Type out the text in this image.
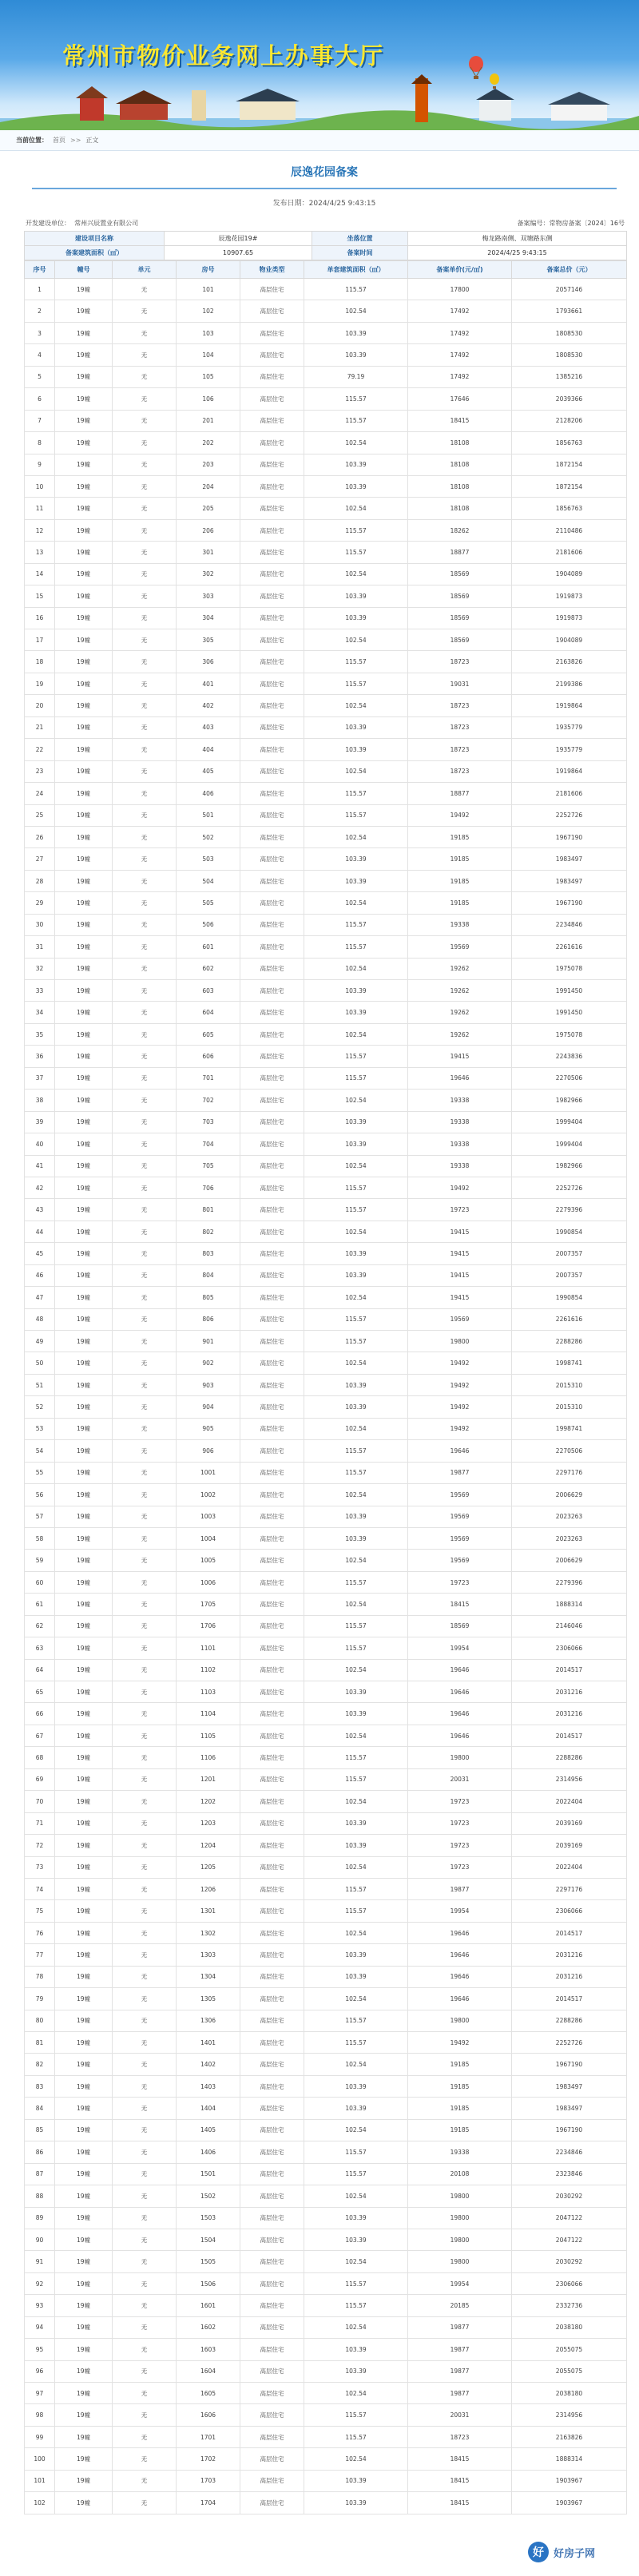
常州市物价业务网上办事大厅
当前位置： 首页 >> 正文
辰逸花园备案
发布日期：2024/4/25 9:43:15
开发建设单位： 常州兴辰置业有限公司	备案编号：常物房备案〔2024〕16号
建设项目名称	辰逸花园19#	坐落位置	梅龙路南侧、双塘路东侧
备案建筑面积（㎡）	10907.65	备案时间	2024/4/25 9:43:15
序号	幢号	单元	房号	物业类型	单套建筑面积（㎡）	备案单价(元/㎡)	备案总价（元）
1	19幢	无	101	高层住宅	115.57	17800	2057146
2	19幢	无	102	高层住宅	102.54	17492	1793661
3	19幢	无	103	高层住宅	103.39	17492	1808530
4	19幢	无	104	高层住宅	103.39	17492	1808530
5	19幢	无	105	高层住宅	79.19	17492	1385216
6	19幢	无	106	高层住宅	115.57	17646	2039366
7	19幢	无	201	高层住宅	115.57	18415	2128206
8	19幢	无	202	高层住宅	102.54	18108	1856763
9	19幢	无	203	高层住宅	103.39	18108	1872154
10	19幢	无	204	高层住宅	103.39	18108	1872154
11	19幢	无	205	高层住宅	102.54	18108	1856763
12	19幢	无	206	高层住宅	115.57	18262	2110486
13	19幢	无	301	高层住宅	115.57	18877	2181606
14	19幢	无	302	高层住宅	102.54	18569	1904089
15	19幢	无	303	高层住宅	103.39	18569	1919873
16	19幢	无	304	高层住宅	103.39	18569	1919873
17	19幢	无	305	高层住宅	102.54	18569	1904089
18	19幢	无	306	高层住宅	115.57	18723	2163826
19	19幢	无	401	高层住宅	115.57	19031	2199386
20	19幢	无	402	高层住宅	102.54	18723	1919864
21	19幢	无	403	高层住宅	103.39	18723	1935779
22	19幢	无	404	高层住宅	103.39	18723	1935779
23	19幢	无	405	高层住宅	102.54	18723	1919864
24	19幢	无	406	高层住宅	115.57	18877	2181606
25	19幢	无	501	高层住宅	115.57	19492	2252726
26	19幢	无	502	高层住宅	102.54	19185	1967190
27	19幢	无	503	高层住宅	103.39	19185	1983497
28	19幢	无	504	高层住宅	103.39	19185	1983497
29	19幢	无	505	高层住宅	102.54	19185	1967190
30	19幢	无	506	高层住宅	115.57	19338	2234846
31	19幢	无	601	高层住宅	115.57	19569	2261616
32	19幢	无	602	高层住宅	102.54	19262	1975078
33	19幢	无	603	高层住宅	103.39	19262	1991450
34	19幢	无	604	高层住宅	103.39	19262	1991450
35	19幢	无	605	高层住宅	102.54	19262	1975078
36	19幢	无	606	高层住宅	115.57	19415	2243836
37	19幢	无	701	高层住宅	115.57	19646	2270506
38	19幢	无	702	高层住宅	102.54	19338	1982966
39	19幢	无	703	高层住宅	103.39	19338	1999404
40	19幢	无	704	高层住宅	103.39	19338	1999404
41	19幢	无	705	高层住宅	102.54	19338	1982966
42	19幢	无	706	高层住宅	115.57	19492	2252726
43	19幢	无	801	高层住宅	115.57	19723	2279396
44	19幢	无	802	高层住宅	102.54	19415	1990854
45	19幢	无	803	高层住宅	103.39	19415	2007357
46	19幢	无	804	高层住宅	103.39	19415	2007357
47	19幢	无	805	高层住宅	102.54	19415	1990854
48	19幢	无	806	高层住宅	115.57	19569	2261616
49	19幢	无	901	高层住宅	115.57	19800	2288286
50	19幢	无	902	高层住宅	102.54	19492	1998741
51	19幢	无	903	高层住宅	103.39	19492	2015310
52	19幢	无	904	高层住宅	103.39	19492	2015310
53	19幢	无	905	高层住宅	102.54	19492	1998741
54	19幢	无	906	高层住宅	115.57	19646	2270506
55	19幢	无	1001	高层住宅	115.57	19877	2297176
56	19幢	无	1002	高层住宅	102.54	19569	2006629
57	19幢	无	1003	高层住宅	103.39	19569	2023263
58	19幢	无	1004	高层住宅	103.39	19569	2023263
59	19幢	无	1005	高层住宅	102.54	19569	2006629
60	19幢	无	1006	高层住宅	115.57	19723	2279396
61	19幢	无	1705	高层住宅	102.54	18415	1888314
62	19幢	无	1706	高层住宅	115.57	18569	2146046
63	19幢	无	1101	高层住宅	115.57	19954	2306066
64	19幢	无	1102	高层住宅	102.54	19646	2014517
65	19幢	无	1103	高层住宅	103.39	19646	2031216
66	19幢	无	1104	高层住宅	103.39	19646	2031216
67	19幢	无	1105	高层住宅	102.54	19646	2014517
68	19幢	无	1106	高层住宅	115.57	19800	2288286
69	19幢	无	1201	高层住宅	115.57	20031	2314956
70	19幢	无	1202	高层住宅	102.54	19723	2022404
71	19幢	无	1203	高层住宅	103.39	19723	2039169
72	19幢	无	1204	高层住宅	103.39	19723	2039169
73	19幢	无	1205	高层住宅	102.54	19723	2022404
74	19幢	无	1206	高层住宅	115.57	19877	2297176
75	19幢	无	1301	高层住宅	115.57	19954	2306066
76	19幢	无	1302	高层住宅	102.54	19646	2014517
77	19幢	无	1303	高层住宅	103.39	19646	2031216
78	19幢	无	1304	高层住宅	103.39	19646	2031216
79	19幢	无	1305	高层住宅	102.54	19646	2014517
80	19幢	无	1306	高层住宅	115.57	19800	2288286
81	19幢	无	1401	高层住宅	115.57	19492	2252726
82	19幢	无	1402	高层住宅	102.54	19185	1967190
83	19幢	无	1403	高层住宅	103.39	19185	1983497
84	19幢	无	1404	高层住宅	103.39	19185	1983497
85	19幢	无	1405	高层住宅	102.54	19185	1967190
86	19幢	无	1406	高层住宅	115.57	19338	2234846
87	19幢	无	1501	高层住宅	115.57	20108	2323846
88	19幢	无	1502	高层住宅	102.54	19800	2030292
89	19幢	无	1503	高层住宅	103.39	19800	2047122
90	19幢	无	1504	高层住宅	103.39	19800	2047122
91	19幢	无	1505	高层住宅	102.54	19800	2030292
92	19幢	无	1506	高层住宅	115.57	19954	2306066
93	19幢	无	1601	高层住宅	115.57	20185	2332736
94	19幢	无	1602	高层住宅	102.54	19877	2038180
95	19幢	无	1603	高层住宅	103.39	19877	2055075
96	19幢	无	1604	高层住宅	103.39	19877	2055075
97	19幢	无	1605	高层住宅	102.54	19877	2038180
98	19幢	无	1606	高层住宅	115.57	20031	2314956
99	19幢	无	1701	高层住宅	115.57	18723	2163826
100	19幢	无	1702	高层住宅	102.54	18415	1888314
101	19幢	无	1703	高层住宅	103.39	18415	1903967
102	19幢	无	1704	高层住宅	103.39	18415	1903967
好 好房子网
